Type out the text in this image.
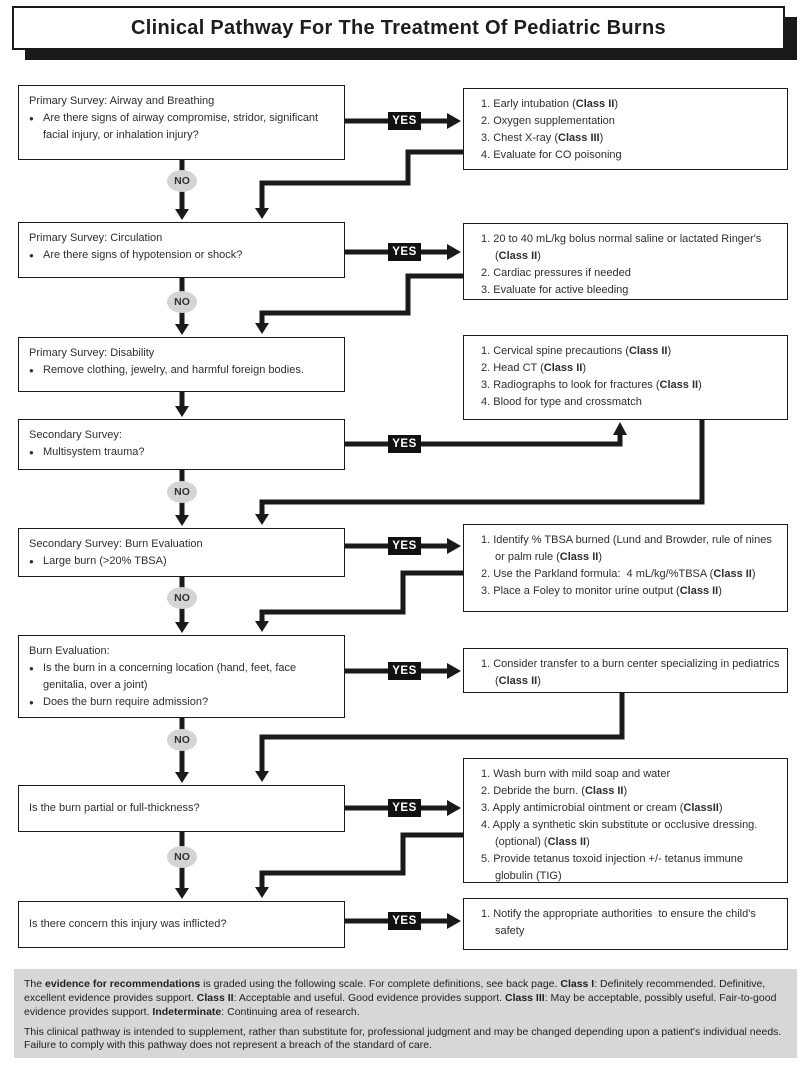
Clinical Pathway For The Treatment Of Pediatric Burns
Primary Survey: Airway and Breathing
● Are there signs of airway compromise, stridor, significant facial injury, or inhalation injury?
Primary Survey: Circulation
● Are there signs of hypotension or shock?
Primary Survey: Disability
● Remove clothing, jewelry, and harmful foreign bodies.
Secondary Survey:
● Multisystem trauma?
Secondary Survey: Burn Evaluation
● Large burn (>20% TBSA)
Burn Evaluation:
● Is the burn in a concerning location (hand, feet, face genitalia, over a joint)
● Does the burn require admission?
Is the burn partial or full-thickness?
Is there concern this injury was inflicted?
1. Early intubation (Class II)
2. Oxygen supplementation
3. Chest X-ray (Class III)
4. Evaluate for CO poisoning
1. 20 to 40 mL/kg bolus normal saline or lactated Ringer's (Class II)
2. Cardiac pressures if needed
3. Evaluate for active bleeding
1. Cervical spine precautions (Class II)
2. Head CT (Class II)
3. Radiographs to look for fractures (Class II)
4. Blood for type and crossmatch
1. Identify % TBSA burned (Lund and Browder, rule of nines or palm rule (Class II)
2. Use the Parkland formula:  4 mL/kg/%TBSA (Class II)
3. Place a Foley to monitor urine output (Class II)
1. Consider transfer to a burn center specializing in pediatrics (Class II)
1. Wash burn with mild soap and water
2. Debride the burn. (Class II)
3. Apply antimicrobial ointment or cream (ClassII)
4. Apply a synthetic skin substitute or occlusive dressing. (optional) (Class II)
5. Provide tetanus toxoid injection +/- tetanus immune globulin (TIG)
1. Notify the appropriate authorities  to ensure the child's safety
YES
YES
YES
YES
YES
YES
YES
NO
NO
NO
NO
NO
NO

The evidence for recommendations is graded using the following scale. For complete definitions, see back page. Class I: Definitely recommended. Definitive, excellent evidence provides support. Class II: Acceptable and useful. Good evidence provides support. Class III: May be acceptable, possibly useful. Fair-to-good evidence provides support. Indeterminate: Continuing area of research.

This clinical pathway is intended to supplement, rather than substitute for, professional judgment and may be changed depending upon a patient's individual needs. Failure to comply with this pathway does not represent a breach of the standard of care.
